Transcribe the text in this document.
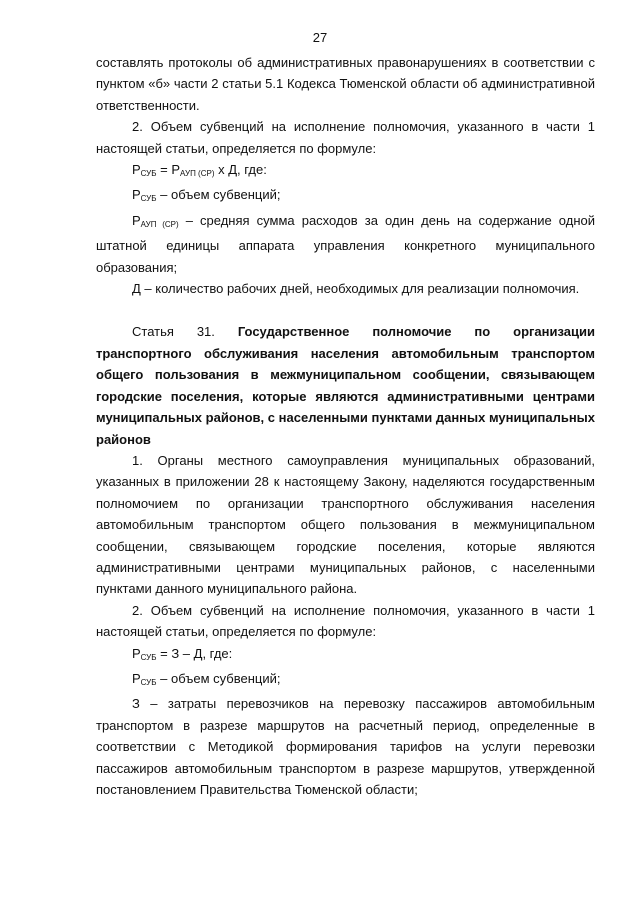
27

составлять протоколы об административных правонарушениях в соответствии с пунктом «б» части 2 статьи 5.1 Кодекса Тюменской области об административной ответственности.

2. Объем субвенций на исполнение полномочия, указанного в части 1 настоящей статьи, определяется по формуле:

$Р_{СУБ} = Р_{АУП (СР)}$ х Д, где:

$Р_{СУБ}$ – объем субвенций;

$Р_{АУП (СР)}$ – средняя сумма расходов за один день на содержание одной штатной единицы аппарата управления конкретного муниципального образования;

Д – количество рабочих дней, необходимых для реализации полномочия.

Статья 31. Государственное полномочие по организации транспортного обслуживания населения автомобильным транспортом общего пользования в межмуниципальном сообщении, связывающем городские поселения, которые являются административными центрами муниципальных районов, с населенными пунктами данных муниципальных районов

1. Органы местного самоуправления муниципальных образований, указанных в приложении 28 к настоящему Закону, наделяются государственным полномочием по организации транспортного обслуживания населения автомобильным транспортом общего пользования в межмуниципальном сообщении, связывающем городские поселения, которые являются административными центрами муниципальных районов, с населенными пунктами данного муниципального района.

2. Объем субвенций на исполнение полномочия, указанного в части 1 настоящей статьи, определяется по формуле:

$Р_{СУБ} = З - Д$, где:

$Р_{СУБ}$ – объем субвенций;

З – затраты перевозчиков на перевозку пассажиров автомобильным транспортом в разрезе маршрутов на расчетный период, определенные в соответствии с Методикой формирования тарифов на услуги перевозки пассажиров автомобильным транспортом в разрезе маршрутов, утвержденной постановлением Правительства Тюменской области;
